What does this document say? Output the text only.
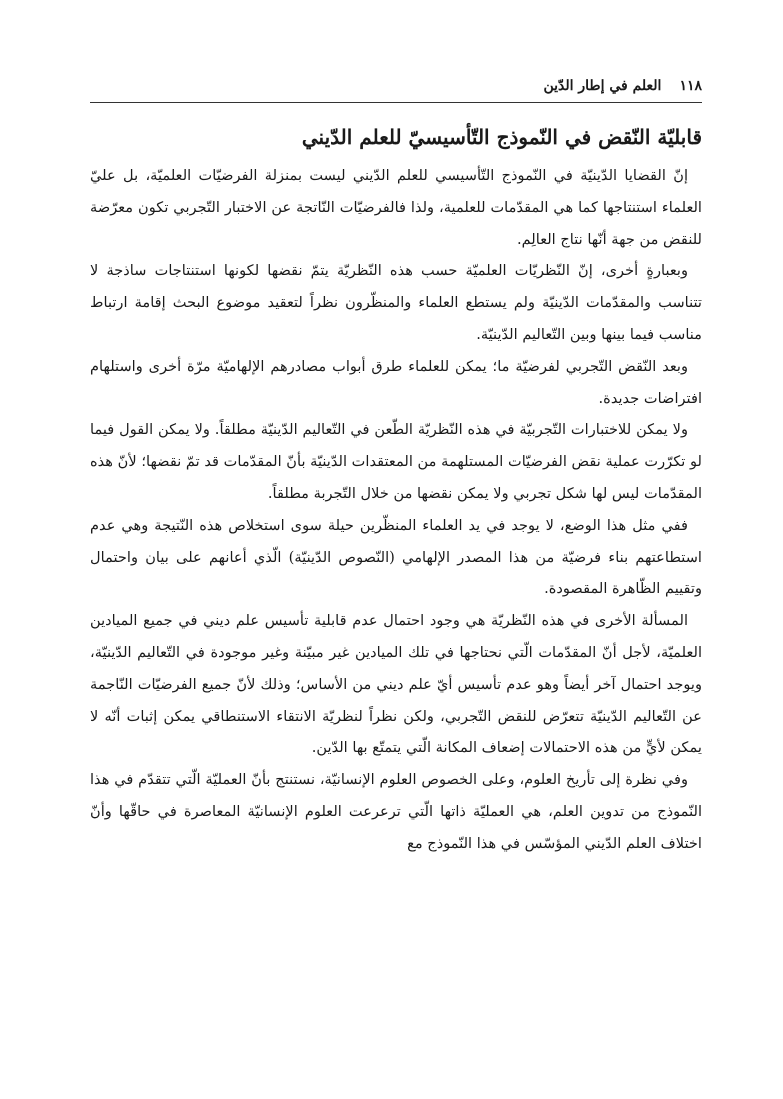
١١٨
العلم في إطار الدّين
قابليّة النّقض في النّموذج التّأسيسيّ للعلم الدّيني

إنّ القضايا الدّينيّة في النّموذج التّأسيسي للعلم الدّيني ليست بمنزلة الفرضيّات العلميّة، بل عليّ العلماء استنتاجها كما هي المقدّمات للعلمية، ولذا فالفرضيّات النّاتجة عن الاختبار التّجربي تكون معرّضة للنقض من جهة أنّها نتاج العالِم.

وبعبارةٍ أخرى، إنّ النّظريّات العلميّة حسب هذه النّظريّة يتمّ نقضها لكونها استنتاجات ساذجة لا تتناسب والمقدّمات الدّينيّة ولم يستطع العلماء والمنظّرون نظراً لتعقيد موضوع البحث إقامة ارتباط مناسب فيما بينها وبين التّعاليم الدّينيّة.

وبعد النّقض التّجربي لفرضيّة ما؛ يمكن للعلماء طرق أبواب مصادرهم الإلهاميّة مرّة أخرى واستلهام افتراضات جديدة.

ولا يمكن للاختبارات التّجربيّة في هذه النّظريّة الطّعن في التّعاليم الدّينيّة مطلقاً. ولا يمكن القول فيما لو تكرّرت عملية نقض الفرضيّات المستلهمة من المعتقدات الدّينيّة بأنّ المقدّمات قد تمّ نقضها؛ لأنّ هذه المقدّمات ليس لها شكل تجربي ولا يمكن نقضها من خلال التّجربة مطلقاً.

ففي مثل هذا الوضع، لا يوجد في يد العلماء المنظّرين حيلة سوى استخلاص هذه النّتيجة وهي عدم استطاعتهم بناء فرضيّة من هذا المصدر الإلهامي (النّصوص الدّينيّة) الّذي أعانهم على بيان واحتمال وتقييم الظّاهرة المقصودة.

المسألة الأخرى في هذه النّظريّة هي وجود احتمال عدم قابلية تأسيس علم ديني في جميع الميادين العلميّة، لأجل أنّ المقدّمات الّتي نحتاجها في تلك الميادين غير مبيّنة وغير موجودة في التّعاليم الدّينيّة، ويوجد احتمال آخر أيضاً وهو عدم تأسيس أيّ علم ديني من الأساس؛ وذلك لأنّ جميع الفرضيّات النّاجمة عن التّعاليم الدّينيّة تتعرّض للنقض التّجربي، ولكن نظراً لنظريّة الانتقاء الاستنطاقي يمكن إثبات أنّه لا يمكن لأيٍّ من هذه الاحتمالات إضعاف المكانة الّتي يتمتّع بها الدّين.

وفي نظرة إلى تأريخ العلوم، وعلى الخصوص العلوم الإنسانيّة، نستنتج بأنّ العمليّة الّتي تتقدّم في هذا النّموذج من تدوين العلم، هي العمليّة ذاتها الّتي ترعرعت العلوم الإنسانيّة المعاصرة في حاقّها وأنّ اختلاف العلم الدّيني المؤسّس في هذا النّموذج مع
